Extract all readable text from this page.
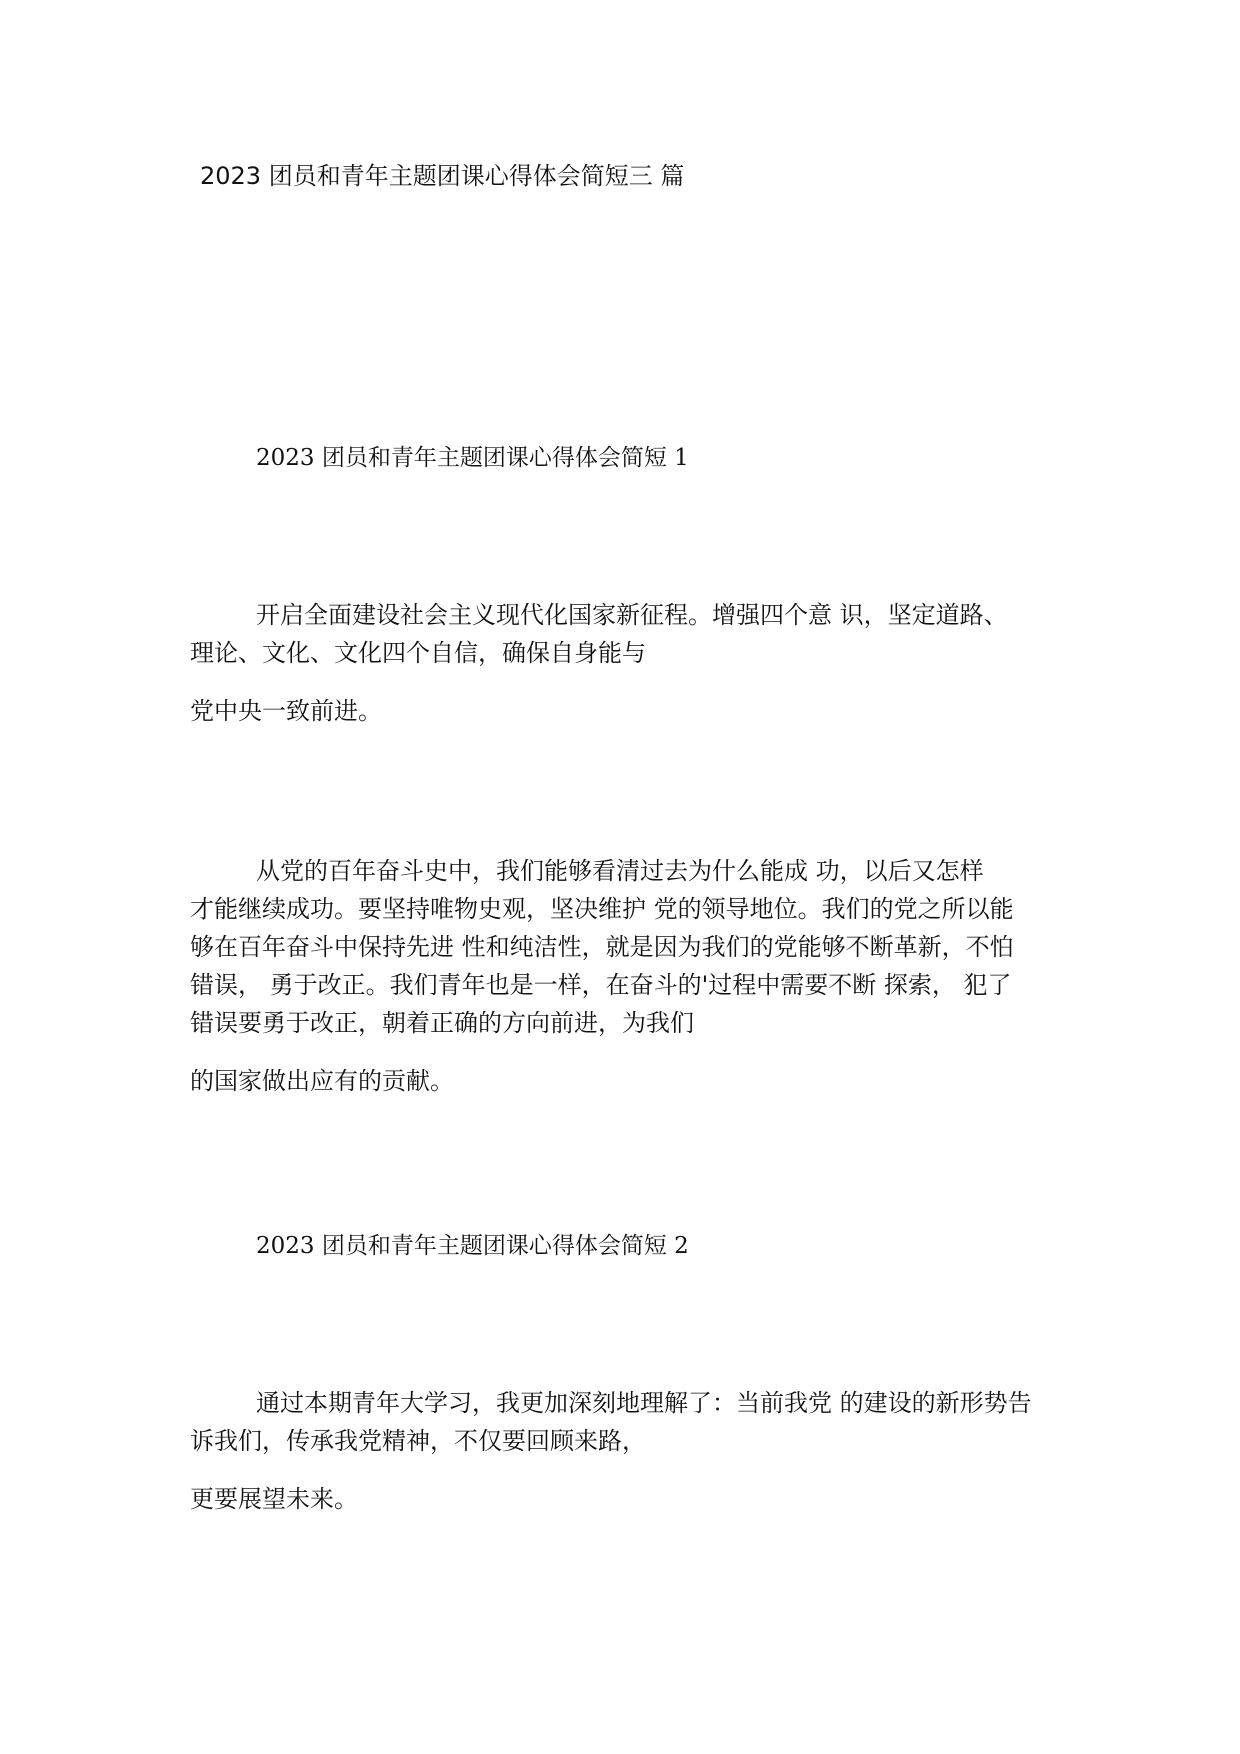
2023 团员和青年主题团课心得体会简短三 篇
2023 团员和青年主题团课心得体会简短 1
开启全面建设社会主义现代化国家新征程。增强四个意 识，坚定道路、
理论、文化、文化四个自信，确保自身能与
党中央一致前进。
从党的百年奋斗史中，我们能够看清过去为什么能成 功，以后又怎样
才能继续成功。要坚持唯物史观，坚决维护 党的领导地位。我们的党之所以能
够在百年奋斗中保持先进 性和纯洁性，就是因为我们的党能够不断革新，不怕
错误， 勇于改正。我们青年也是一样，在奋斗的'过程中需要不断 探索， 犯了
错误要勇于改正，朝着正确的方向前进，为我们
的国家做出应有的贡献。
2023 团员和青年主题团课心得体会简短 2
通过本期青年大学习，我更加深刻地理解了：当前我党 的建设的新形势告
诉我们，传承我党精神，不仅要回顾来路，
更要展望未来。
